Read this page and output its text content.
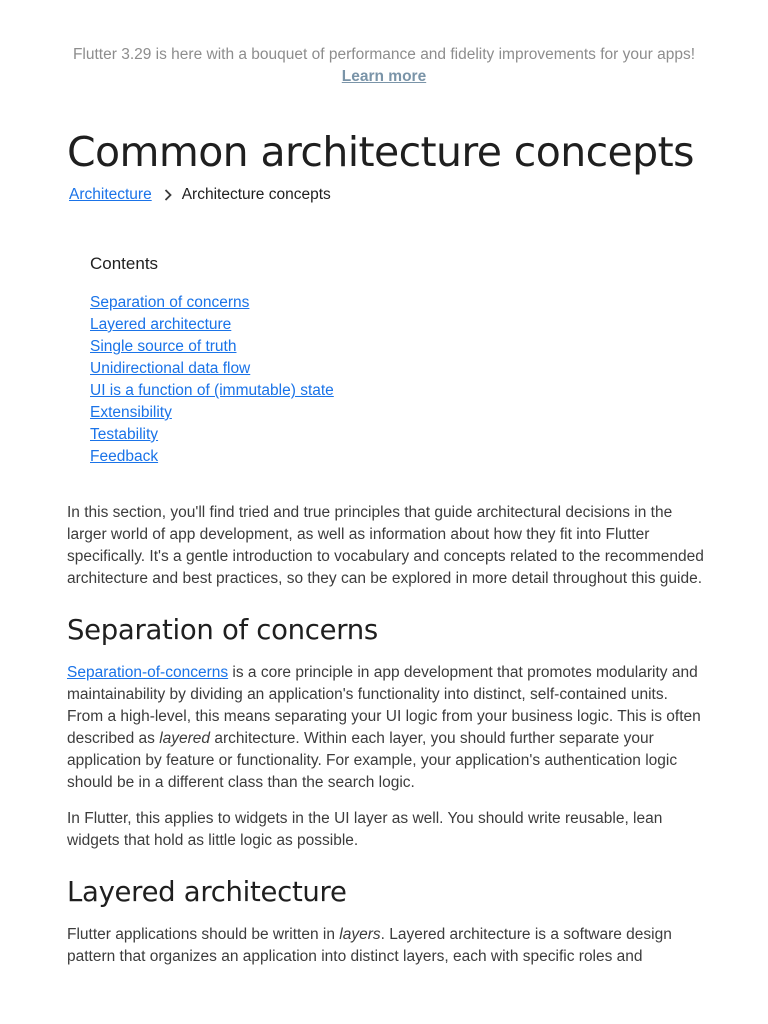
Flutter 3.29 is here with a bouquet of performance and fidelity improvements for your apps!
Learn more
Common architecture concepts
Architecture Architecture concepts
Contents
Separation of concerns
Layered architecture
Single source of truth
Unidirectional data flow
UI is a function of (immutable) state
Extensibility
Testability
Feedback

In this section, you'll find tried and true principles that guide architectural decisions in the larger world of app development, as well as information about how they fit into Flutter specifically. It's a gentle introduction to vocabulary and concepts related to the recommended architecture and best practices, so they can be explored in more detail throughout this guide.

Separation of concerns

Separation-of-concerns is a core principle in app development that promotes modularity and maintainability by dividing an application's functionality into distinct, self-contained units. From a high-level, this means separating your UI logic from your business logic. This is often described as layered architecture. Within each layer, you should further separate your application by feature or functionality. For example, your application's authentication logic should be in a different class than the search logic.

In Flutter, this applies to widgets in the UI layer as well. You should write reusable, lean widgets that hold as little logic as possible.

Layered architecture

Flutter applications should be written in layers. Layered architecture is a software design pattern that organizes an application into distinct layers, each with specific roles and
